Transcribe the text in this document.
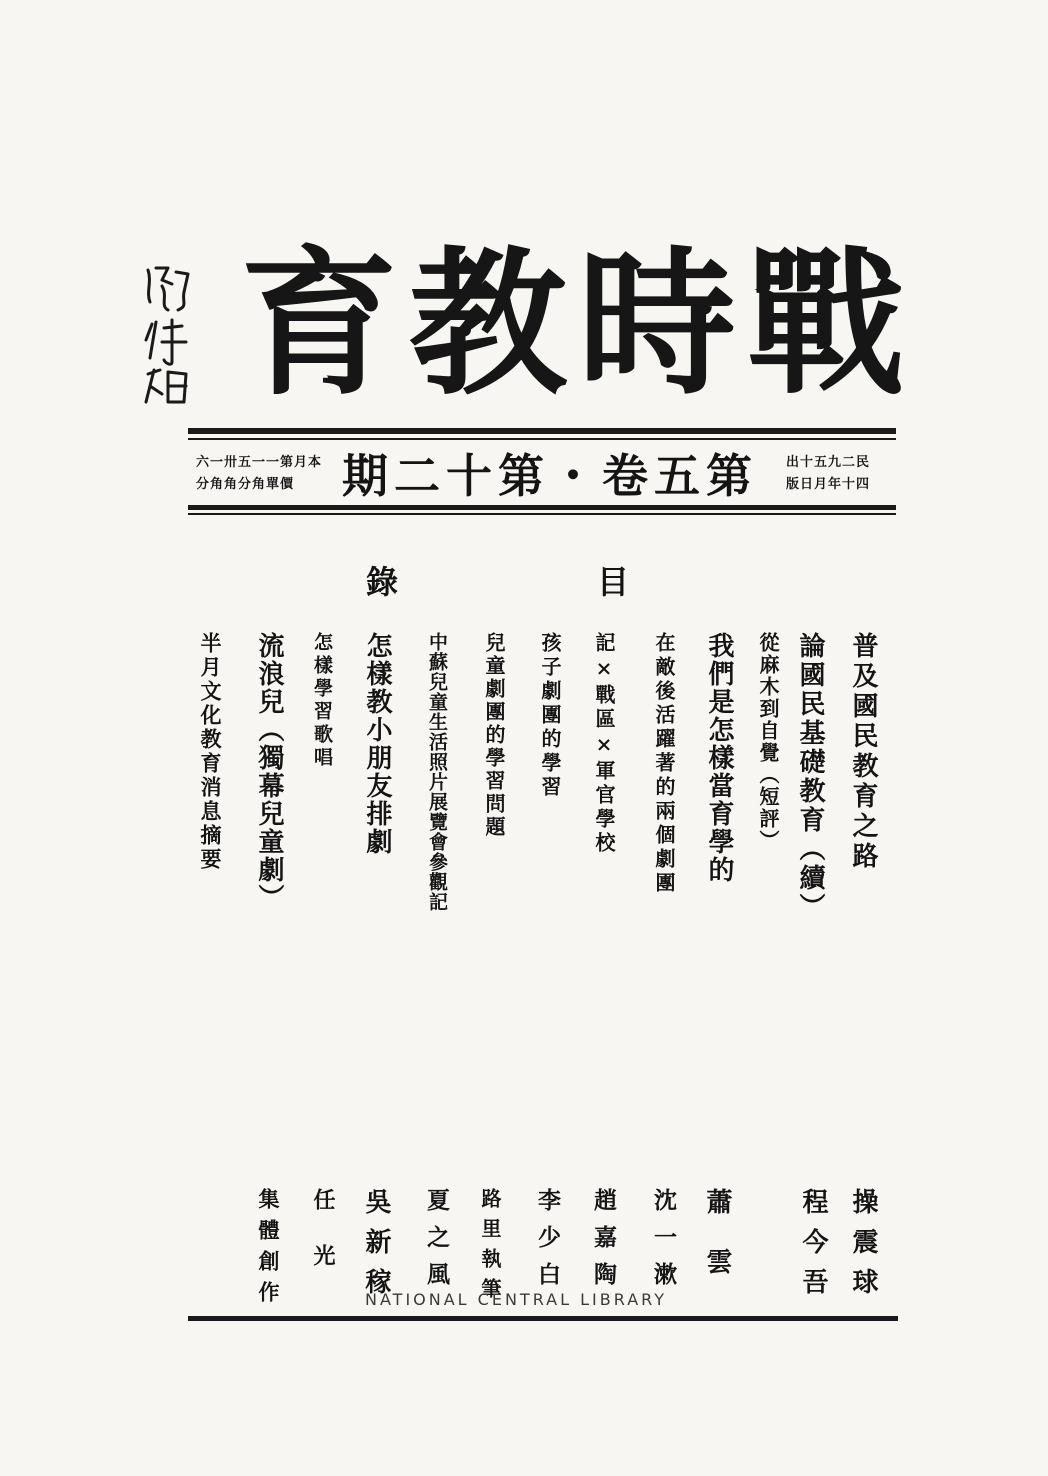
育 教 時 戰
六一卅五一一第月本
分角角分角單價	期二十第・卷五第 出十五九二民
版日月年十四
目
錄
普及國民教育之路
論國民基礎教育（續）
從麻木到自覺（短評）
我們是怎樣當育學的
在敵後活躍著的兩個劇團
記×戰區×軍官學校
孩子劇團的學習
兒童劇團的學習問題
中蘇兒童生活照片展覽會參觀記
怎樣教小朋友排劇
怎樣學習歌唱
流浪兒（獨幕兒童劇）
半月文化教育消息摘要
操震球
程今吾
蕭雲
沈一漱
趙嘉陶
李少白
路里執筆
夏之風
吳新稼
任光
集體創作	NATIONAL CENTRAL LIBRARY
